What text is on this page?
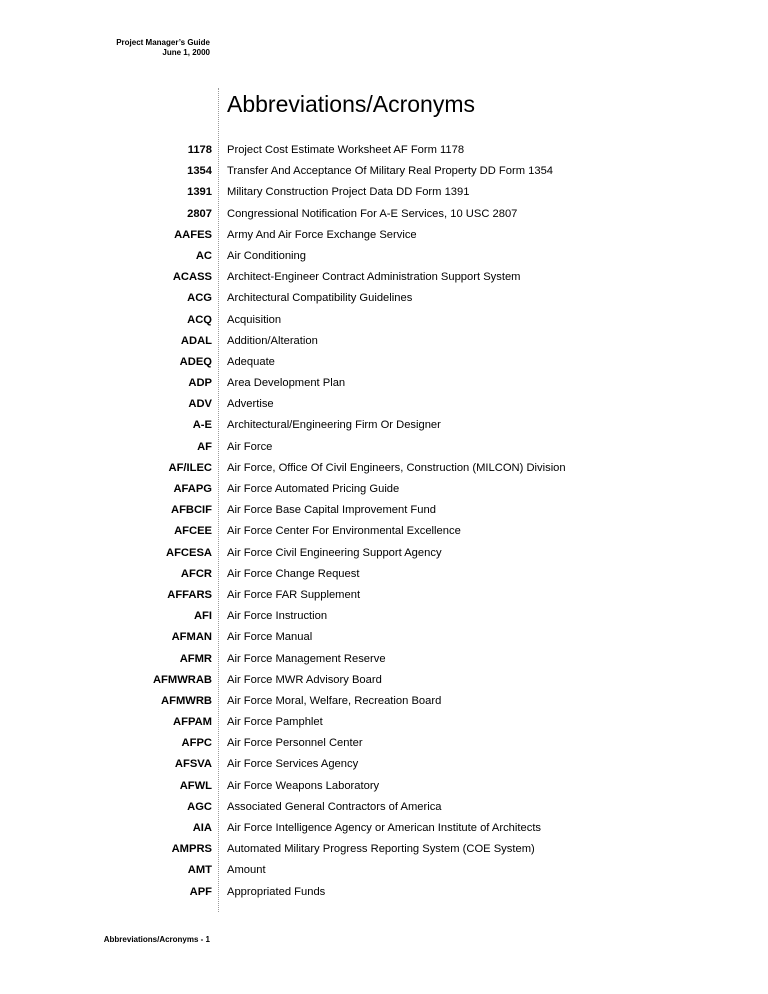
Project Manager’s Guide
June 1, 2000
Abbreviations/Acronyms
1178 Project Cost Estimate Worksheet AF Form 1178
1354 Transfer And Acceptance Of Military Real Property DD Form 1354
1391 Military Construction Project Data DD Form 1391
2807 Congressional Notification For A-E Services, 10 USC 2807
AAFES Army And Air Force Exchange Service
AC Air Conditioning
ACASS Architect-Engineer Contract Administration Support System
ACG Architectural Compatibility Guidelines
ACQ Acquisition
ADAL Addition/Alteration
ADEQ Adequate
ADP Area Development Plan
ADV Advertise
A-E Architectural/Engineering Firm Or Designer
AF Air Force
AF/ILEC Air Force, Office Of Civil Engineers, Construction (MILCON) Division
AFAPG Air Force Automated Pricing Guide
AFBCIF Air Force Base Capital Improvement Fund
AFCEE Air Force Center For Environmental Excellence
AFCESA Air Force Civil Engineering Support Agency
AFCR Air Force Change Request
AFFARS Air Force FAR Supplement
AFI Air Force Instruction
AFMAN Air Force Manual
AFMR Air Force Management Reserve
AFMWRAB Air Force MWR Advisory Board
AFMWRB Air Force Moral, Welfare, Recreation Board
AFPAM Air Force Pamphlet
AFPC Air Force Personnel Center
AFSVA Air Force Services Agency
AFWL Air Force Weapons Laboratory
AGC Associated General Contractors of America
AIA Air Force Intelligence Agency or American Institute of Architects
AMPRS Automated Military Progress Reporting System (COE System)
AMT Amount
APF Appropriated Funds
Abbreviations/Acronyms - 1
